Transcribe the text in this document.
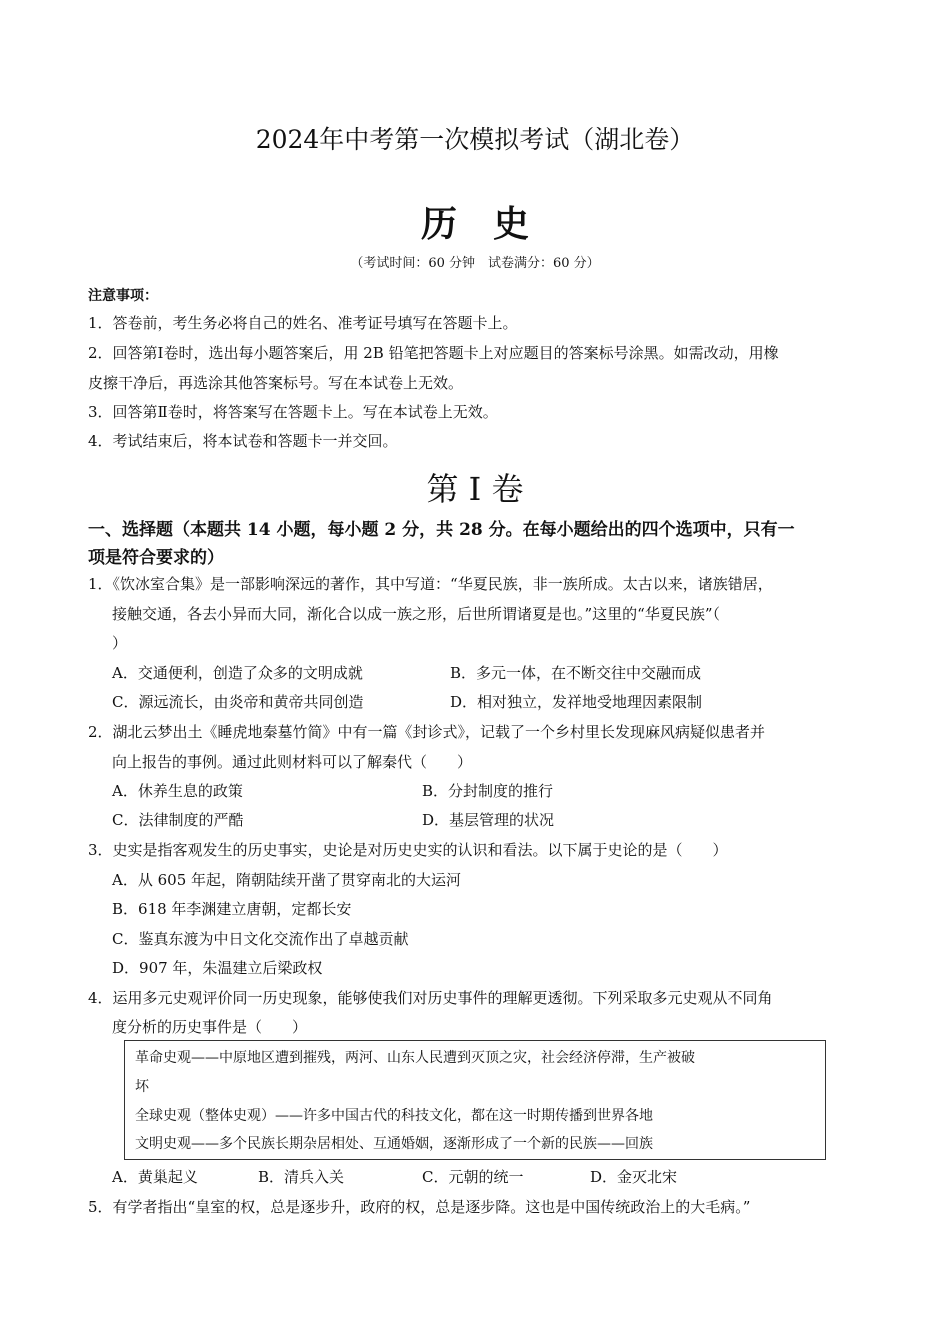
2024年中考第一次模拟考试（湖北卷）
历史
（考试时间：60 分钟　试卷满分：60 分）
注意事项：
1．答卷前，考生务必将自己的姓名、准考证号填写在答题卡上。
2．回答第Ⅰ卷时，选出每小题答案后，用 2B 铅笔把答题卡上对应题目的答案标号涂黑。如需改动，用橡
皮擦干净后，再选涂其他答案标号。写在本试卷上无效。
3．回答第Ⅱ卷时，将答案写在答题卡上。写在本试卷上无效。
4．考试结束后，将本试卷和答题卡一并交回。
第 I 卷
一、选择题（本题共 14 小题，每小题 2 分，共 28 分。在每小题给出的四个选项中，只有一
项是符合要求的）
1．《饮冰室合集》是一部影响深远的著作，其中写道：“华夏民族，非一族所成。太古以来，诸族错居，
接触交通，各去小异而大同，渐化合以成一族之形，后世所谓诸夏是也。”这里的“华夏民族”（
）
A．交通便利，创造了众多的文明成就	B．多元一体，在不断交往中交融而成
C．源远流长，由炎帝和黄帝共同创造	D．相对独立，发祥地受地理因素限制
2．湖北云梦出土《睡虎地秦墓竹简》中有一篇《封诊式》，记载了一个乡村里长发现麻风病疑似患者并
向上报告的事例。通过此则材料可以了解秦代（　　）
A．休养生息的政策	B．分封制度的推行
C．法律制度的严酷	D．基层管理的状况
3．史实是指客观发生的历史事实，史论是对历史史实的认识和看法。以下属于史论的是（　　）
A．从 605 年起，隋朝陆续开凿了贯穿南北的大运河
B．618 年李渊建立唐朝，定都长安
C．鉴真东渡为中日文化交流作出了卓越贡献
D．907 年，朱温建立后梁政权
4．运用多元史观评价同一历史现象，能够使我们对历史事件的理解更透彻。下列采取多元史观从不同角
度分析的历史事件是（　　）
革命史观——中原地区遭到摧残，两河、山东人民遭到灭顶之灾，社会经济停滞，生产被破
坏
全球史观（整体史观）——许多中国古代的科技文化，都在这一时期传播到世界各地
文明史观——多个民族长期杂居相处、互通婚姻，逐渐形成了一个新的民族——回族
A．黄巢起义	B．清兵入关	C．元朝的统一	D．金灭北宋
5．有学者指出“皇室的权，总是逐步升，政府的权，总是逐步降。这也是中国传统政治上的大毛病。”
